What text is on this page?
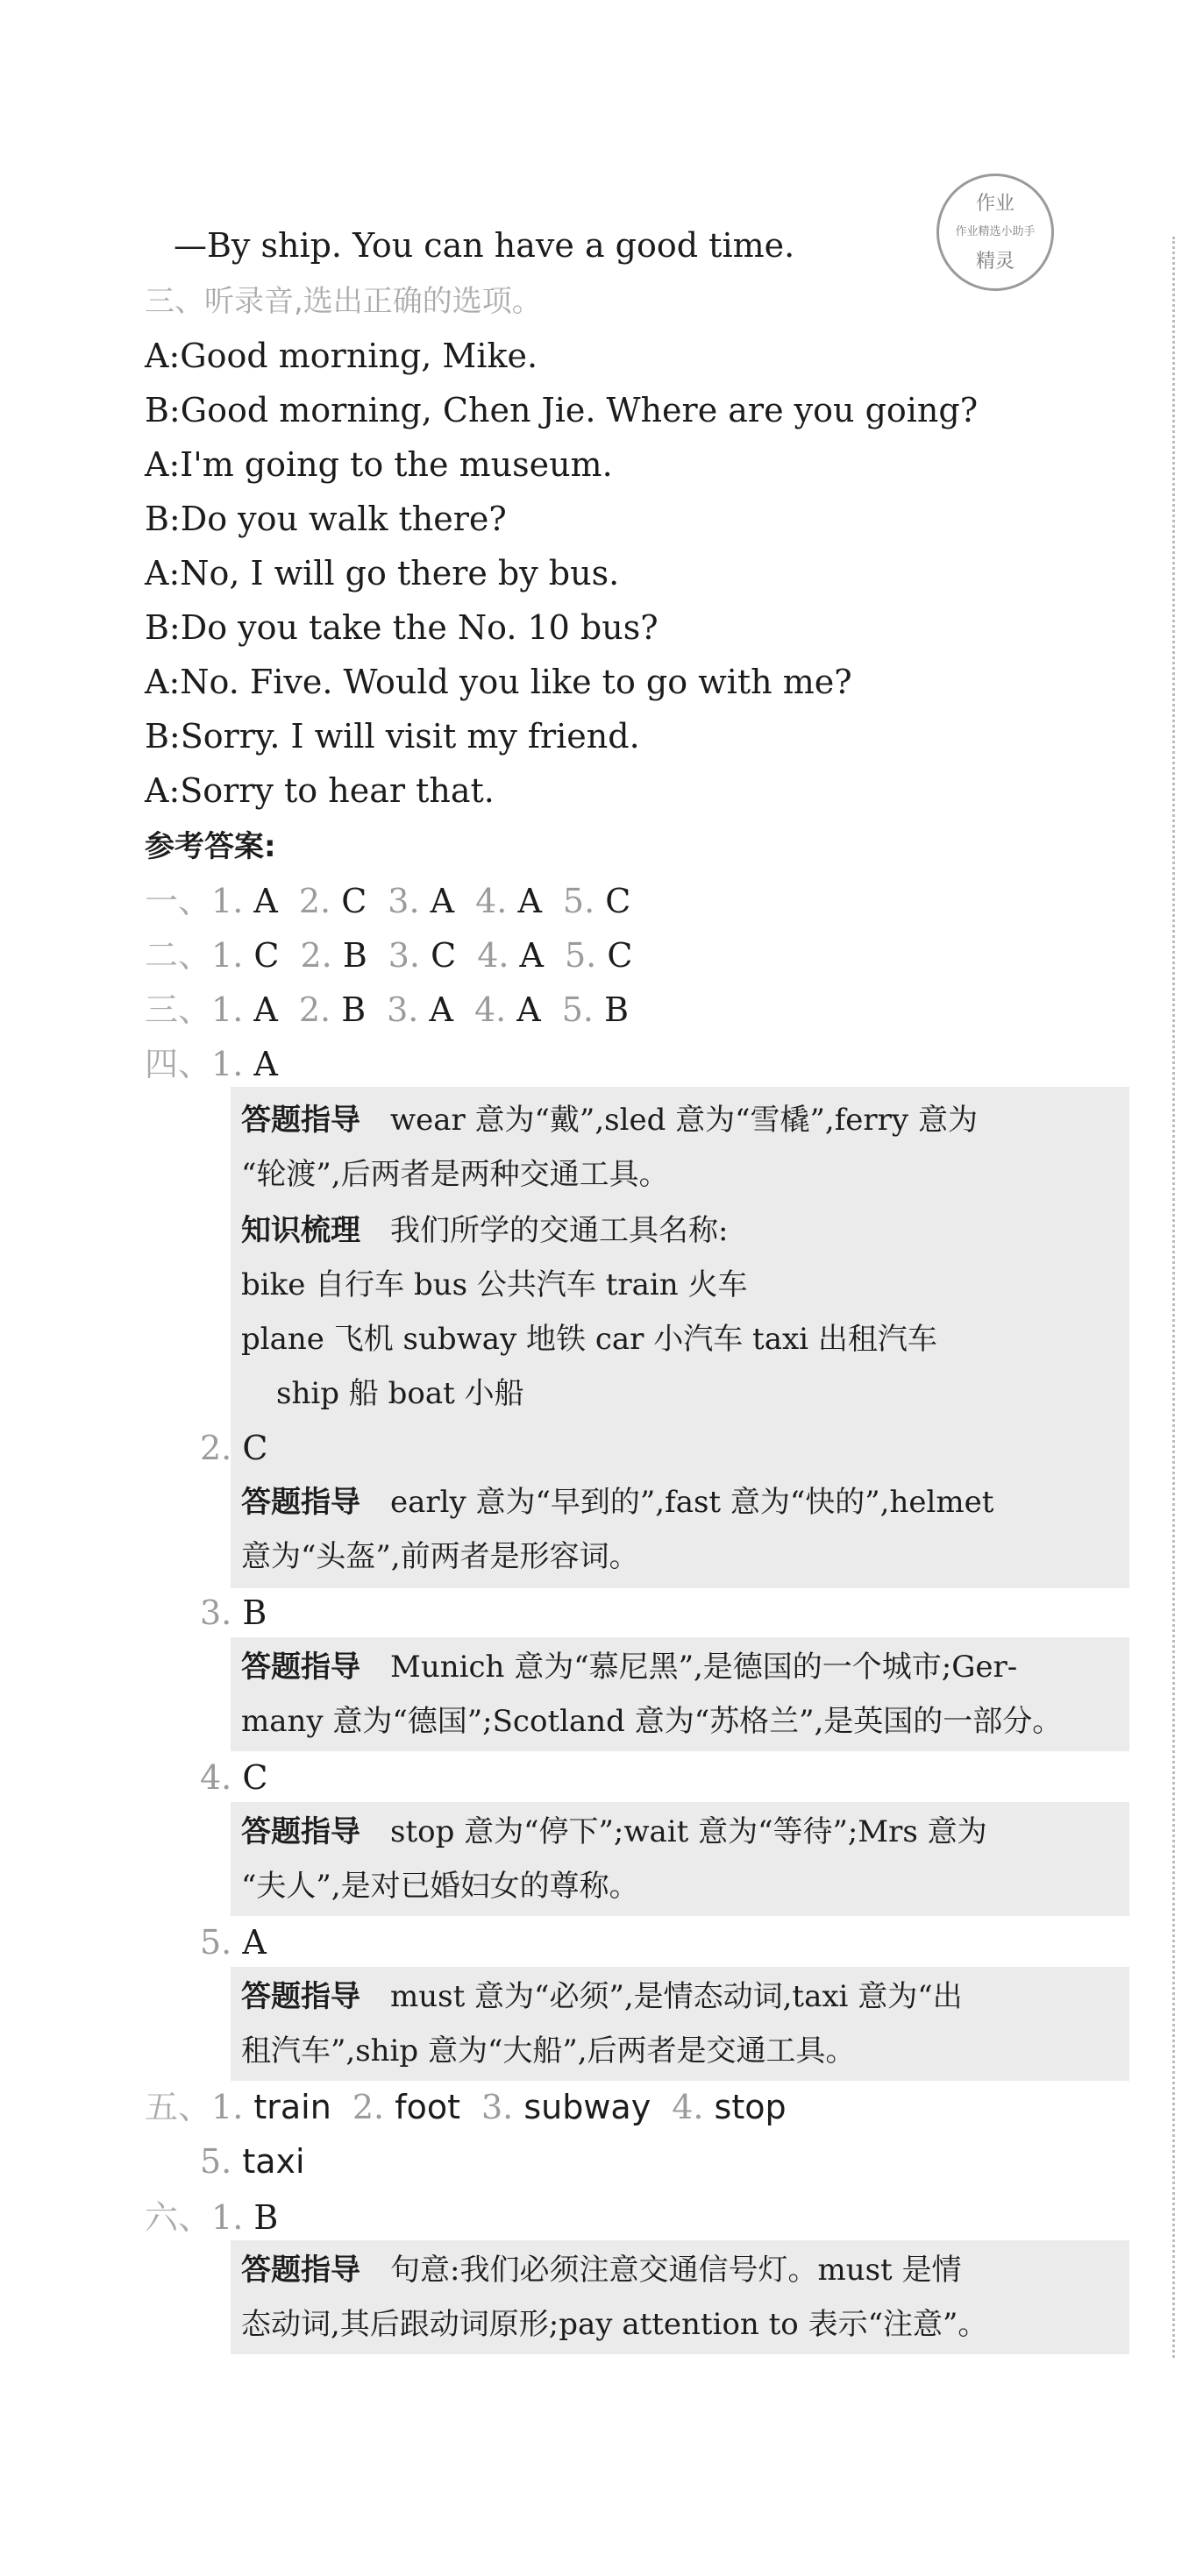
作业
作业精选小助手
精灵
—By ship. You can have a good time.
三、听录音,选出正确的选项。
A:Good morning, Mike.
B:Good morning, Chen Jie. Where are you going?
A:I'm going to the museum.
B:Do you walk there?
A:No, I will go there by bus.
B:Do you take the No. 10 bus?
A:No. Five. Would you like to go with me?
B:Sorry. I will visit my friend.
A:Sorry to hear that.
参考答案:
一、1. A 2. C 3. A 4. A 5. C
二、1. C 2. B 3. C 4. A 5. C
三、1. A 2. B 3. A 4. A 5. B
四、1. A
答题指导 wear 意为“戴”,sled 意为“雪橇”,ferry 意为
“轮渡”,后两者是两种交通工具。
知识梳理 我们所学的交通工具名称:
bike 自行车 bus 公共汽车 train 火车
plane 飞机 subway 地铁 car 小汽车 taxi 出租汽车
ship 船 boat 小船
2. C
答题指导 early 意为“早到的”,fast 意为“快的”,helmet
意为“头盔”,前两者是形容词。
3. B
答题指导 Munich 意为“慕尼黑”,是德国的一个城市;Ger-
many 意为“德国”;Scotland 意为“苏格兰”,是英国的一部分。
4. C
答题指导 stop 意为“停下”;wait 意为“等待”;Mrs 意为
“夫人”,是对已婚妇女的尊称。
5. A
答题指导 must 意为“必须”,是情态动词,taxi 意为“出
租汽车”,ship 意为“大船”,后两者是交通工具。
五、1. train 2. foot 3. subway 4. stop
5. taxi
六、1. B
答题指导 句意:我们必须注意交通信号灯。must 是情
态动词,其后跟动词原形;pay attention to 表示“注意”。
